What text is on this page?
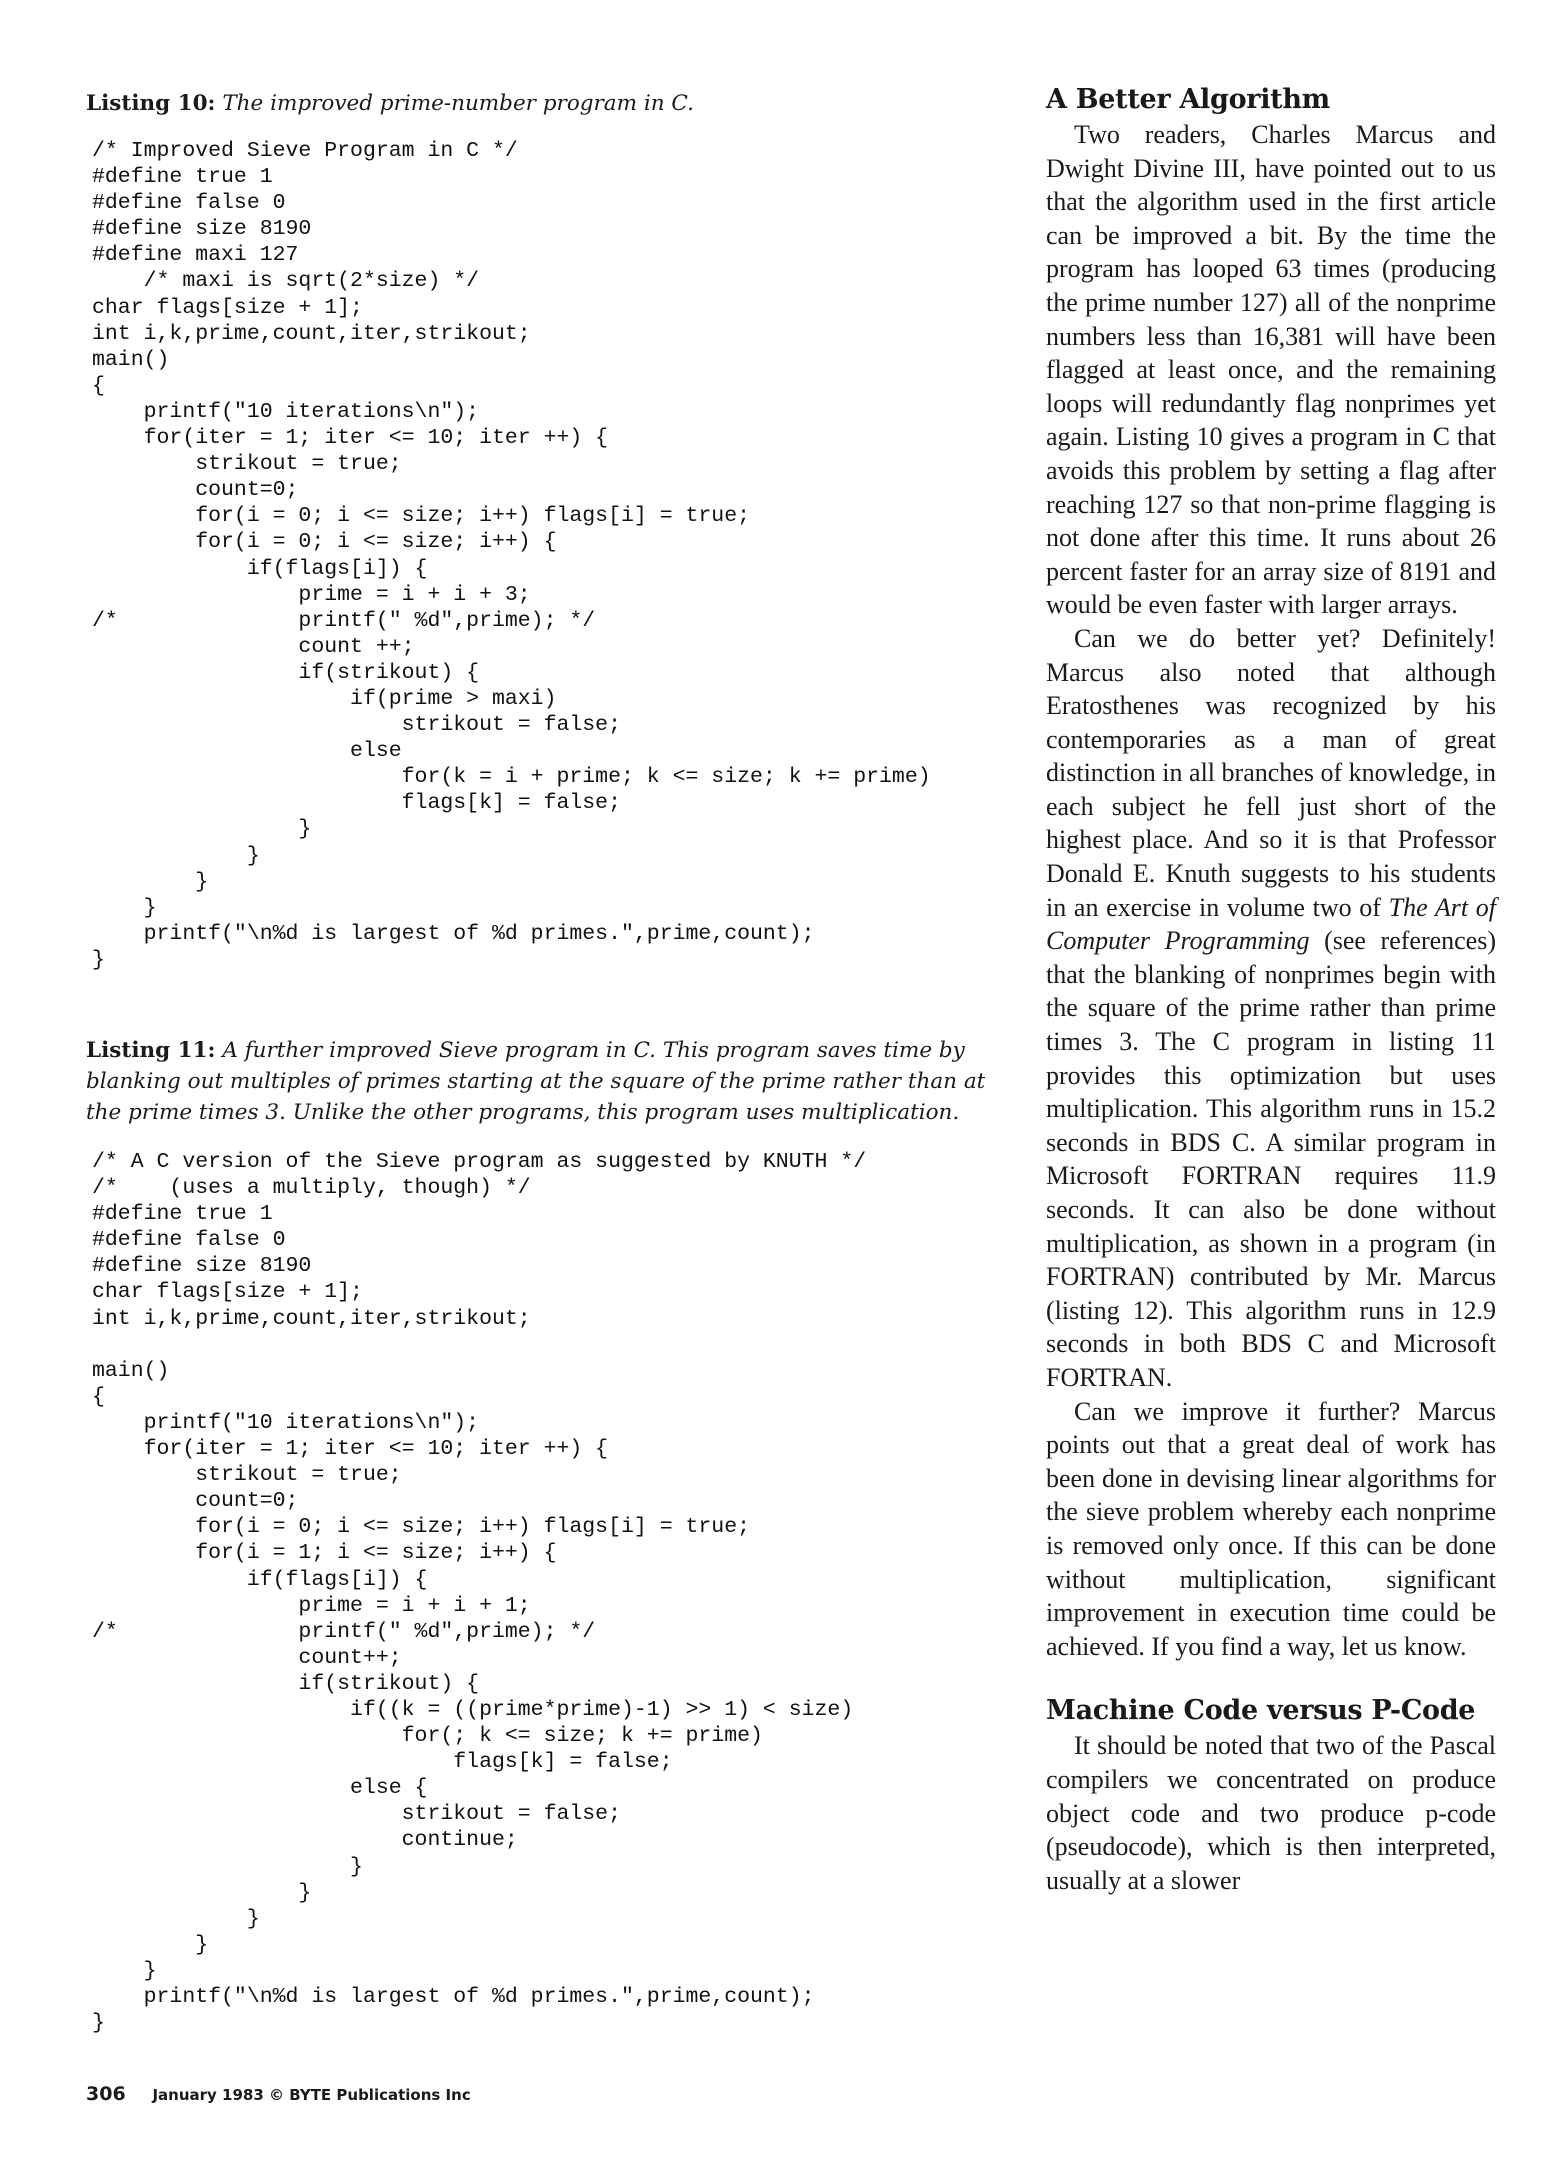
Listing 10: The improved prime-number program in C.
/* Improved Sieve Program in C */
#define true 1
#define false 0
#define size 8190
#define maxi 127
/* maxi is sqrt(2*size) */
char flags[size + 1];
int i,k,prime,count,iter,strikout;
main()
{
printf("10 iterations\n");
for(iter = 1; iter <= 10; iter ++) {
strikout = true;
count=0;
for(i = 0; i <= size; i++) flags[i] = true;
for(i = 0; i <= size; i++) {
if(flags[i]) {
prime = i + i + 3;
/*              printf(" %d",prime); */
count ++;
if(strikout) {
if(prime > maxi)
strikout = false;
else
for(k = i + prime; k <= size; k += prime)
flags[k] = false;
}
}
}
}
printf("\n%d is largest of %d primes.",prime,count);
}
Listing 11: A further improved Sieve program in C. This program saves time by blanking out multiples of primes starting at the square of the prime rather than at the prime times 3. Unlike the other programs, this program uses multiplication.
/* A C version of the Sieve program as suggested by KNUTH */
/*    (uses a multiply, though) */
#define true 1
#define false 0
#define size 8190
char flags[size + 1];
int i,k,prime,count,iter,strikout;
main()
{
printf("10 iterations\n");
for(iter = 1; iter <= 10; iter ++) {
strikout = true;
count=0;
for(i = 0; i <= size; i++) flags[i] = true;
for(i = 1; i <= size; i++) {
if(flags[i]) {
prime = i + i + 1;
/*              printf(" %d",prime); */
count++;
if(strikout) {
if((k = ((prime*prime)-1) >> 1) < size)
for(; k <= size; k += prime)
flags[k] = false;
else {
strikout = false;
continue;
}
}
}
}
}
printf("\n%d is largest of %d primes.",prime,count);
}
A Better Algorithm

Two readers, Charles Marcus and Dwight Divine III, have pointed out to us that the algorithm used in the first article can be improved a bit. By the time the program has looped 63 times (producing the prime number 127) all of the nonprime numbers less than 16,381 will have been flagged at least once, and the remaining loops will redundantly flag nonprimes yet again. Listing 10 gives a program in C that avoids this problem by setting a flag after reaching 127 so that non-prime flagging is not done after this time. It runs about 26 percent faster for an array size of 8191 and would be even faster with larger arrays.

Can we do better yet? Definitely! Marcus also noted that although Eratosthenes was recognized by his contemporaries as a man of great distinction in all branches of knowledge, in each subject he fell just short of the highest place. And so it is that Professor Donald E. Knuth suggests to his students in an exercise in volume two of The Art of Computer Programming (see references) that the blanking of nonprimes begin with the square of the prime rather than prime times 3. The C program in listing 11 provides this optimization but uses multiplication. This algorithm runs in 15.2 seconds in BDS C. A similar program in Microsoft FORTRAN requires 11.9 seconds. It can also be done without multiplication, as shown in a program (in FORTRAN) contributed by Mr. Marcus (listing 12). This algorithm runs in 12.9 seconds in both BDS C and Microsoft FORTRAN.

Can we improve it further? Marcus points out that a great deal of work has been done in devising linear algorithms for the sieve problem whereby each nonprime is removed only once. If this can be done without multiplication, significant improvement in execution time could be achieved. If you find a way, let us know.

Machine Code versus P-Code

It should be noted that two of the Pascal compilers we concentrated on produce object code and two produce p-code (pseudocode), which is then interpreted, usually at a slower

306 January 1983 © BYTE Publications Inc
